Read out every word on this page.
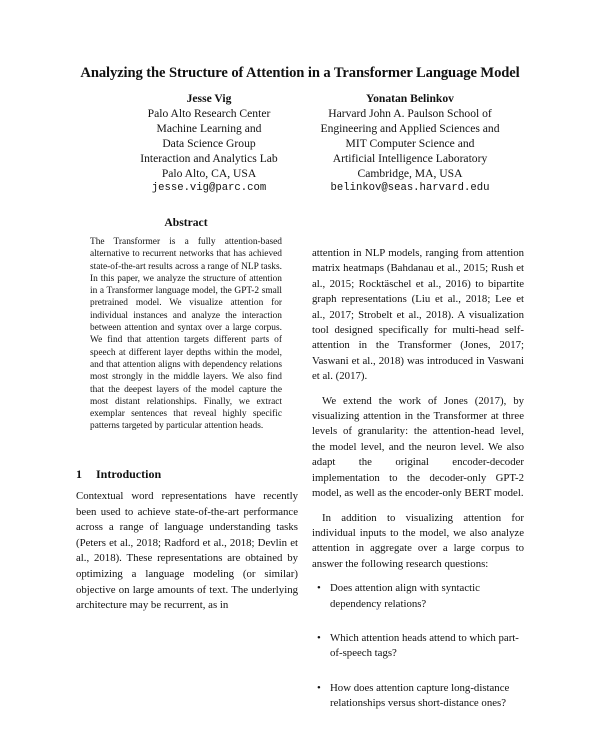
Analyzing the Structure of Attention in a Transformer Language Model
Jesse Vig
Palo Alto Research Center
Machine Learning and
Data Science Group
Interaction and Analytics Lab
Palo Alto, CA, USA
jesse.vig@parc.com
Yonatan Belinkov
Harvard John A. Paulson School of
Engineering and Applied Sciences and
MIT Computer Science and
Artificial Intelligence Laboratory
Cambridge, MA, USA
belinkov@seas.harvard.edu
Abstract

The Transformer is a fully attention-based alternative to recurrent networks that has achieved state-of-the-art results across a range of NLP tasks. In this paper, we analyze the structure of attention in a Transformer language model, the GPT-2 small pretrained model. We visualize attention for individual instances and analyze the interaction between attention and syntax over a large corpus. We find that attention targets different parts of speech at different layer depths within the model, and that attention aligns with dependency relations most strongly in the middle layers. We also find that the deepest layers of the model capture the most distant relationships. Finally, we extract exemplar sentences that reveal highly specific patterns targeted by particular attention heads.

1 Introduction

Contextual word representations have recently been used to achieve state-of-the-art performance across a range of language understanding tasks (Peters et al., 2018; Radford et al., 2018; Devlin et al., 2018). These representations are obtained by optimizing a language modeling (or similar) objective on large amounts of text. The underlying architecture may be recurrent, as in

attention in NLP models, ranging from attention matrix heatmaps (Bahdanau et al., 2015; Rush et al., 2015; Rocktäschel et al., 2016) to bipartite graph representations (Liu et al., 2018; Lee et al., 2017; Strobelt et al., 2018). A visualization tool designed specifically for multi-head self-attention in the Transformer (Jones, 2017; Vaswani et al., 2018) was introduced in Vaswani et al. (2017).

We extend the work of Jones (2017), by visualizing attention in the Transformer at three levels of granularity: the attention-head level, the model level, and the neuron level. We also adapt the original encoder-decoder implementation to the decoder-only GPT-2 model, as well as the encoder-only BERT model.

In addition to visualizing attention for individual inputs to the model, we also analyze attention in aggregate over a large corpus to answer the following research questions:

• Does attention align with syntactic dependency relations?
• Which attention heads attend to which part-of-speech tags?
• How does attention capture long-distance relationships versus short-distance ones?
